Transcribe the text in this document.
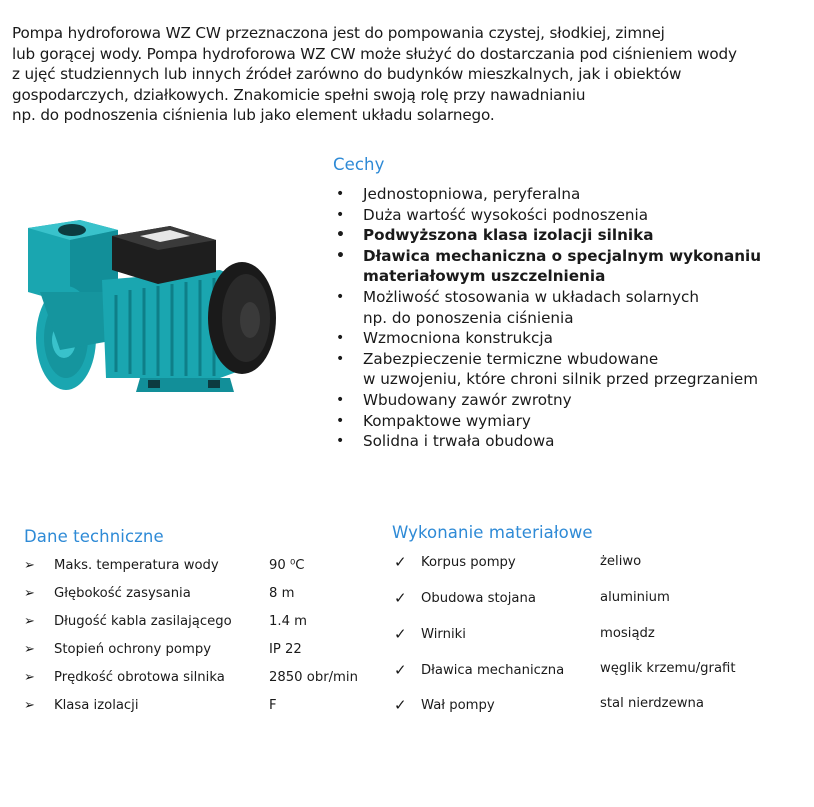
Pompa hydroforowa WZ CW przeznaczona jest do pompowania czystej, słodkiej, zimnej
lub gorącej wody. Pompa hydroforowa WZ CW może służyć do dostarczania pod ciśnieniem wody
z ujęć studziennych lub innych źródeł zarówno do budynków mieszkalnych, jak i obiektów
gospodarczych, działkowych. Znakomicie spełni swoją rolę przy nawadnianiu
np. do podnoszenia ciśnienia lub jako element układu solarnego.
Cechy
• Jednostopniowa, peryferalna
• Duża wartość wysokości podnoszenia
• Podwyższona klasa izolacji silnika
• Dławica mechaniczna o specjalnym wykonaniu
materiałowym uszczelnienia
• Możliwość stosowania w układach solarnych
np. do ponoszenia ciśnienia
• Wzmocniona konstrukcja
• Zabezpieczenie termiczne wbudowane
w uzwojeniu, które chroni silnik przed przegrzaniem
• Wbudowany zawór zwrotny
• Kompaktowe wymiary
• Solidna i trwała obudowa
Dane techniczne
➢ Maks. temperatura wody	90 ⁰C
➢ Głębokość zasysania	8 m
➢ Długość kabla zasilającego	1.4 m
➢ Stopień ochrony pompy	IP 22
➢ Prędkość obrotowa silnika	2850 obr/min
➢ Klasa izolacji	F
Wykonanie materiałowe
✓ Korpus pompy	żeliwo
✓ Obudowa stojana	aluminium
✓ Wirniki	mosiądz
✓ Dławica mechaniczna	węglik krzemu/grafit
✓ Wał pompy	stal nierdzewna
